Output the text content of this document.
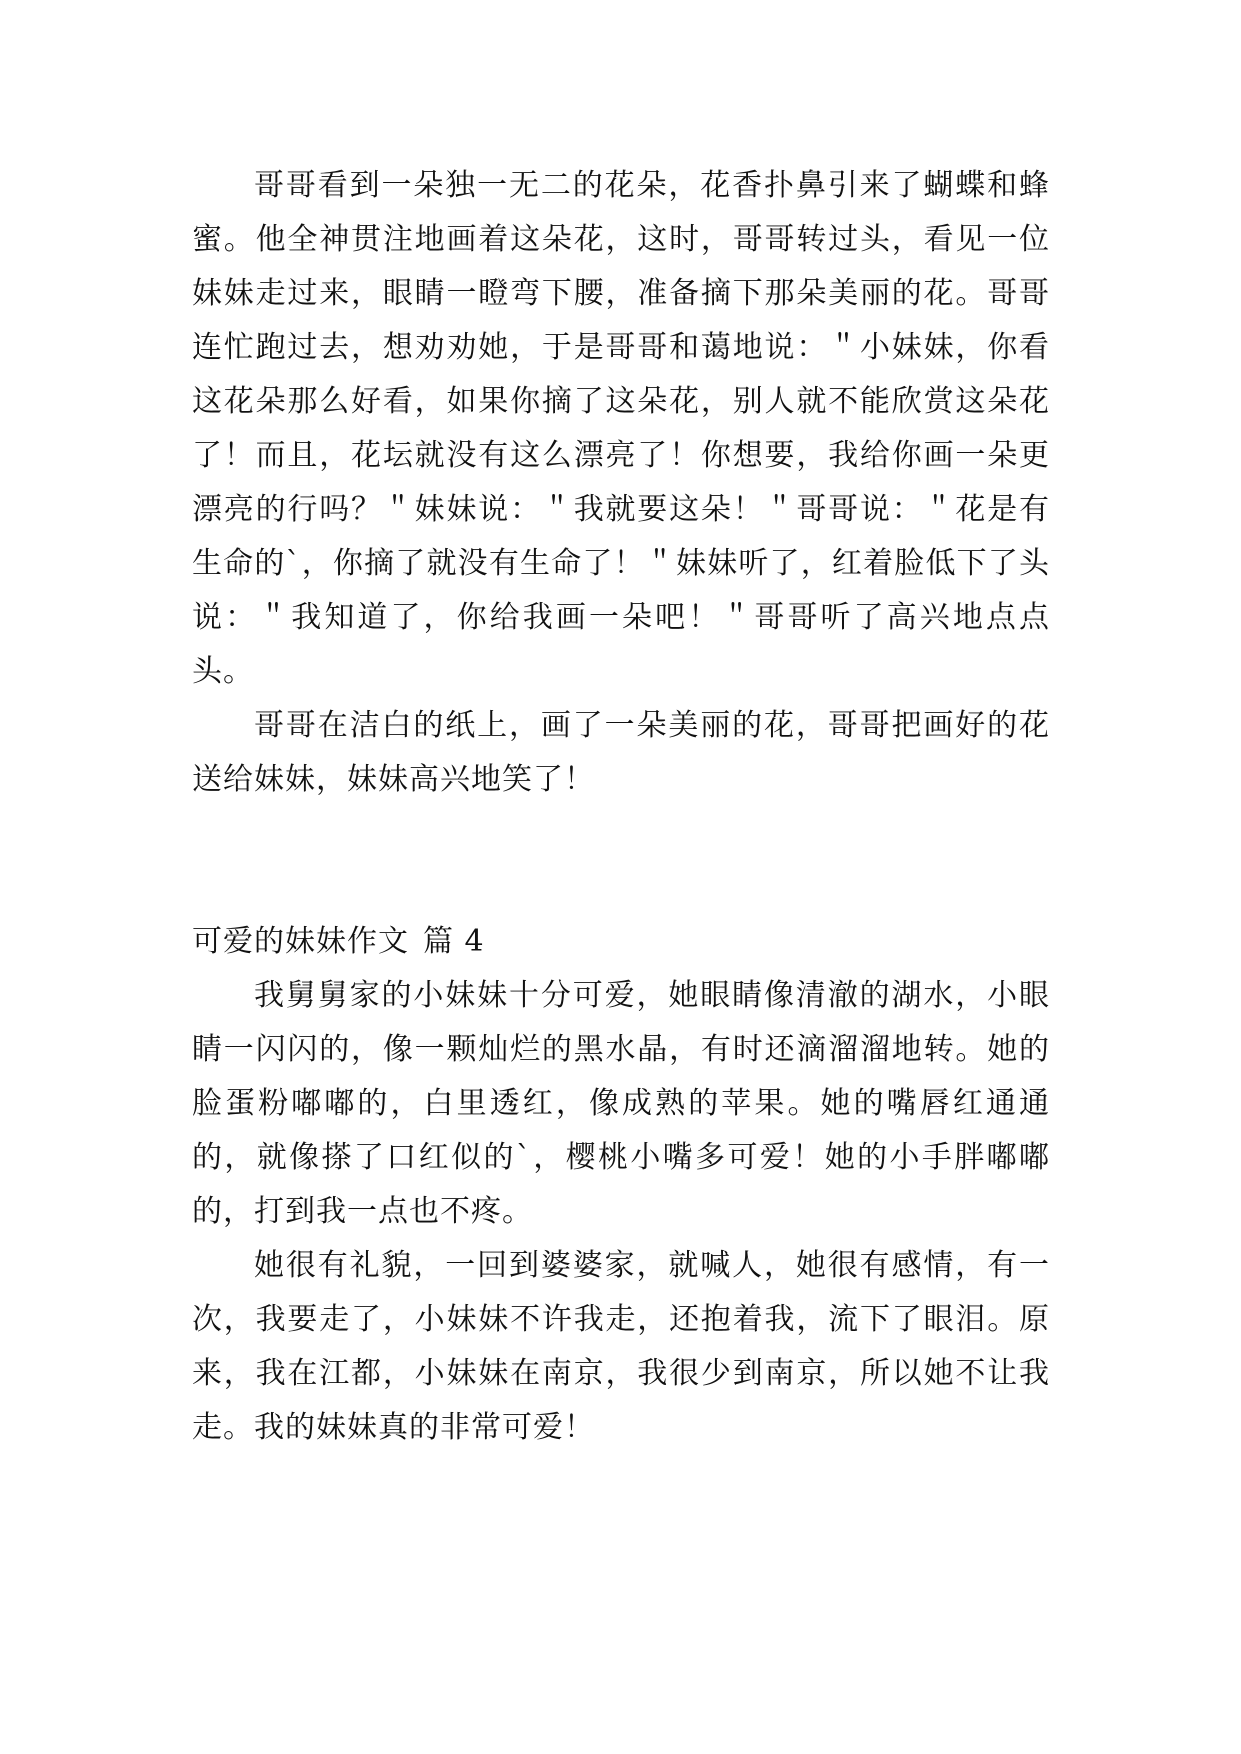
哥哥看到一朵独一无二的花朵，花香扑鼻引来了蝴蝶和蜂蜜。他全神贯注地画着这朵花，这时，哥哥转过头，看见一位妹妹走过来，眼睛一瞪弯下腰，准备摘下那朵美丽的花。哥哥连忙跑过去，想劝劝她，于是哥哥和蔼地说：＂小妹妹，你看这花朵那么好看，如果你摘了这朵花，别人就不能欣赏这朵花了！而且，花坛就没有这么漂亮了！你想要，我给你画一朵更漂亮的行吗？＂妹妹说：＂我就要这朵！＂哥哥说：＂花是有生命的`，你摘了就没有生命了！＂妹妹听了，红着脸低下了头说：＂我知道了，你给我画一朵吧！＂哥哥听了高兴地点点头。

哥哥在洁白的纸上，画了一朵美丽的花，哥哥把画好的花送给妹妹，妹妹高兴地笑了！

可爱的妹妹作文 篇 4

我舅舅家的小妹妹十分可爱，她眼睛像清澈的湖水，小眼睛一闪闪的，像一颗灿烂的黑水晶，有时还滴溜溜地转。她的脸蛋粉嘟嘟的，白里透红，像成熟的苹果。她的嘴唇红通通的，就像搽了口红似的`，樱桃小嘴多可爱！她的小手胖嘟嘟的，打到我一点也不疼。

她很有礼貌，一回到婆婆家，就喊人，她很有感情，有一次，我要走了，小妹妹不许我走，还抱着我，流下了眼泪。原来，我在江都，小妹妹在南京，我很少到南京，所以她不让我走。我的妹妹真的非常可爱！
